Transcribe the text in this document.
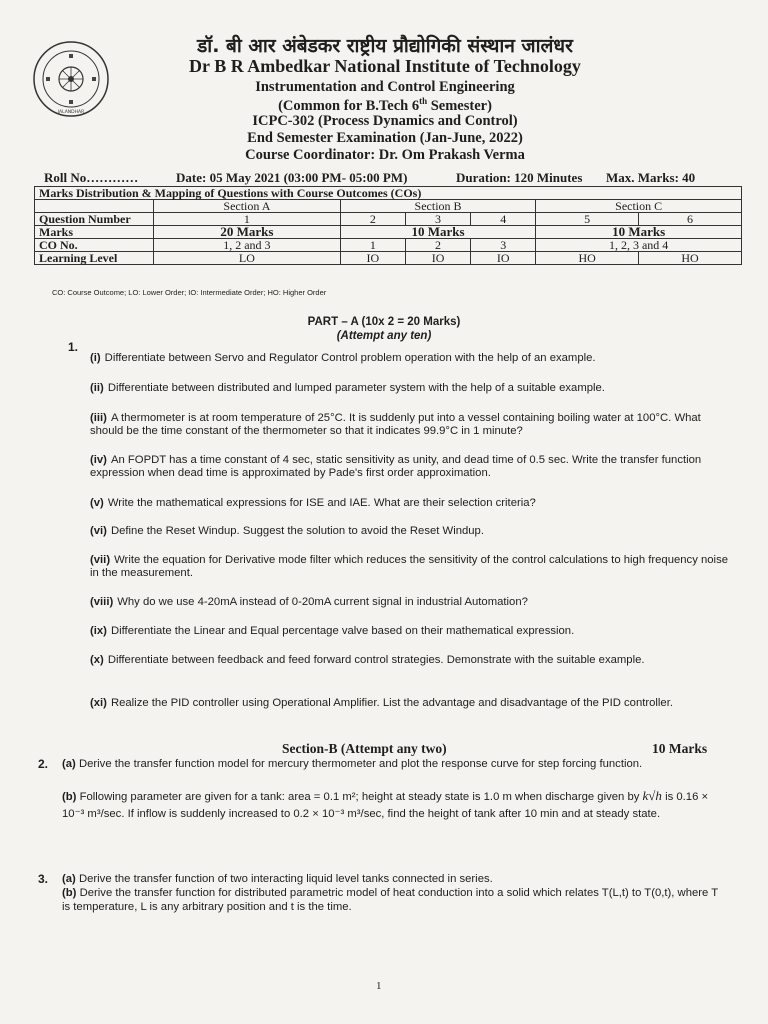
JALANDHAR
डॉ. बी आर अंबेडकर राष्ट्रीय प्रौद्योगिकी संस्थान जालंधर
Dr B R Ambedkar National Institute of Technology
Instrumentation and Control Engineering
(Common for B.Tech 6th Semester)
ICPC-302 (Process Dynamics and Control)
End Semester Examination (Jan-June, 2022)
Course Coordinator: Dr. Om Prakash Verma
Roll No…………	Date: 05 May 2021 (03:00 PM- 05:00 PM)	Duration: 120 Minutes Max. Marks: 40
Marks Distribution & Mapping of Questions with Course Outcomes (COs)						
	Section A	Section B			Section C	
Question Number	1	2	3	4	5	6
Marks	20 Marks	10 Marks			10 Marks	
CO No.	1, 2 and 3	1	2	3	1, 2, 3 and 4	
Learning Level	LO	IO	IO	IO	HO	HO
CO: Course Outcome; LO: Lower Order; IO: Intermediate Order; HO: Higher Order
PART – A (10x 2 = 20 Marks)
(Attempt any ten)
1.
(i) Differentiate between Servo and Regulator Control problem operation with the help of an example.
(ii) Differentiate between distributed and lumped parameter system with the help of a suitable example.
(iii) A thermometer is at room temperature of 25°C. It is suddenly put into a vessel containing boiling water at 100°C. What should be the time constant of the thermometer so that it indicates 99.9°C in 1 minute?
(iv) An FOPDT has a time constant of 4 sec, static sensitivity as unity, and dead time of 0.5 sec. Write the transfer function expression when dead time is approximated by Pade's first order approximation.
(v) Write the mathematical expressions for ISE and IAE. What are their selection criteria?
(vi) Define the Reset Windup. Suggest the solution to avoid the Reset Windup.
(vii) Write the equation for Derivative mode filter which reduces the sensitivity of the control calculations to high frequency noise in the measurement.
(viii) Why do we use 4-20mA instead of 0-20mA current signal in industrial Automation?
(ix) Differentiate the Linear and Equal percentage valve based on their mathematical expression.
(x) Differentiate between feedback and feed forward control strategies. Demonstrate with the suitable example.
(xi) Realize the PID controller using Operational Amplifier. List the advantage and disadvantage of the PID controller.
Section-B (Attempt any two)	10 Marks
2. (a) Derive the transfer function model for mercury thermometer and plot the response curve for step forcing function.
(b) Following parameter are given for a tank: area = 0.1 m²; height at steady state is 1.0 m when discharge given by k√h is 0.16 × 10⁻³ m³/sec. If inflow is suddenly increased to 0.2 × 10⁻³ m³/sec, find the height of tank after 10 min and at steady state.
3. (a) Derive the transfer function of two interacting liquid level tanks connected in series.
(b) Derive the transfer function for distributed parametric model of heat conduction into a solid which relates T(L,t) to T(0,t), where T is temperature, L is any arbitrary position and t is the time.
1
